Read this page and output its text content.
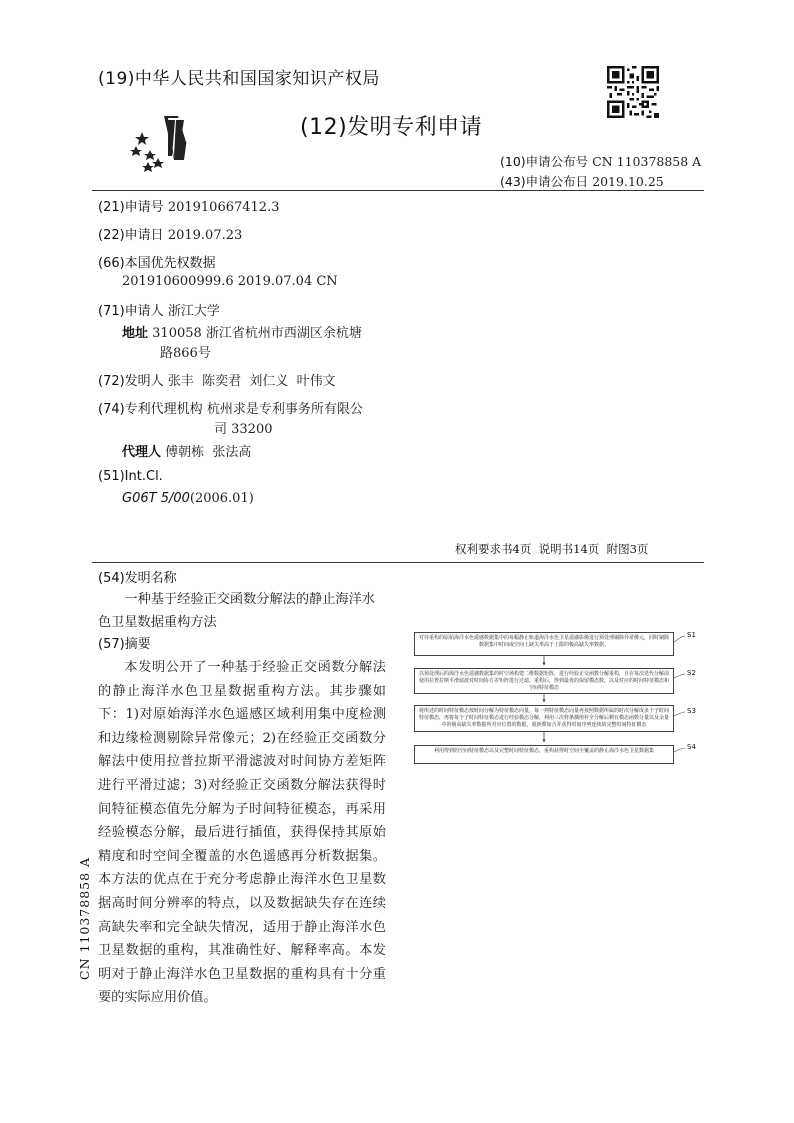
(19)中华人民共和国国家知识产权局
(12)发明专利申请
(10)申请公布号 CN 110378858 A
(43)申请公布日 2019.10.25
(21)申请号 201910667412.3
(22)申请日 2019.07.23
(66)本国优先权数据
201910600999.6 2019.07.04 CN
(71)申请人 浙江大学
地址 310058 浙江省杭州市西湖区余杭塘
路866号
(72)发明人 张丰  陈奕君  刘仁义  叶伟文
(74)专利代理机构 杭州求是专利事务所有限公
司 33200
代理人 傅朝栋  张法高
(51)Int.Cl.
G06T 5/00(2006.01)
权利要求书4页  说明书14页  附图3页
(54)发明名称
一种基于经验正交函数分解法的静止海洋水色卫星数据重构方法
(57)摘要
本发明公开了一种基于经验正交函数分解法的静止海洋水色卫星数据重构方法。其步骤如下：1)对原始海洋水色遥感区域利用集中度检测和边缘检测剔除异常像元；2)在经验正交函数分解法中使用拉普拉斯平滑滤波对时间协方差矩阵进行平滑过滤；3)对经验正交函数分解法获得时间特征模态值先分解为子时间特征模态，再采用经验模态分解，最后进行插值，获得保持其原始精度和时空间全覆盖的水色遥感再分析数据集。本方法的优点在于充分考虑静止海洋水色卫星数据高时间分辨率的特点，以及数据缺失存在连续高缺失率和完全缺失情况，适用于静止海洋水色卫星数据的重构，其准确性好、解释率高。本发明对于静止海洋水色卫星数据的重构具有十分重要的实际应用价值。
对待重构的原始海洋水色遥感数据集中的每幅静止轨道海洋水色卫星遥感影像进行预处理剔除异常像元，同时剔除数据集中时间或空间上缺失率高于上限的极高缺失率数据。
S1
以预处理后的海洋水色遥感数据集的时空场构建二维数据矩阵，进行经验正交函数分解重构，且在每次迭代分解前使用拉普拉斯平滑滤波对时间协方差矩阵进行过滤，重构后，得到最优的保留模态数，以及对应的时间特征模态和空间特征模态
S2
将所述的时间特征模态按时间分解为特征模态向量，每一列特征模态向量再按照数据所属的时次分解成多个子时间特征模态，再将每个子时间特征模态进行经验模态分解，利用三次样条插值补全分解后剩有模态函数分量以及余量中的极高缺失率数据所对应位置的数据，重新叠加合并获得时间序列连续的完整时间特征模态
S3
利用得到的空间特征模态以及完整时间特征模态，重构获得时空间全覆盖的静止海洋水色卫星数据集	S4
CN 110378858 A
